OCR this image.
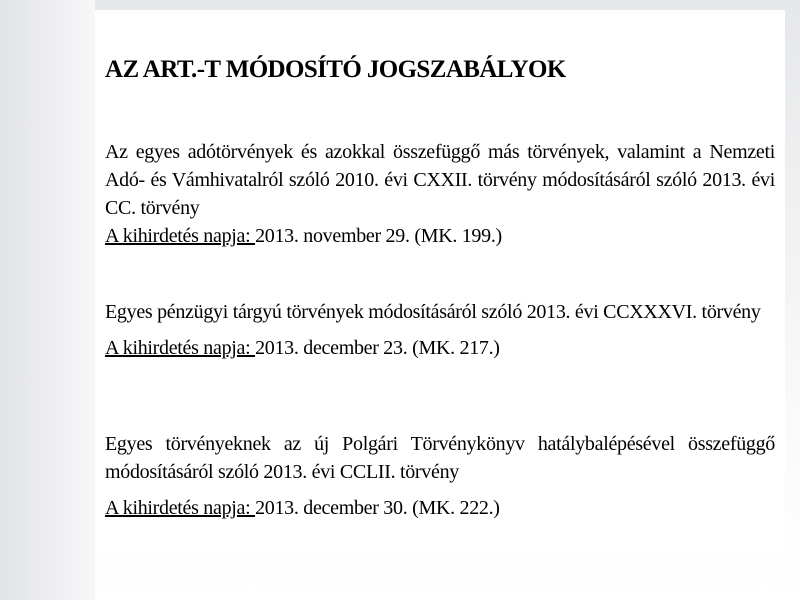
AZ ART.-T MÓDOSÍTÓ JOGSZABÁLYOK
Az egyes adótörvények és azokkal összefüggő más törvények, valamint a Nemzeti Adó- és Vámhivatalról szóló 2010. évi CXXII. törvény módosításáról szóló 2013. évi CC. törvény
A kihirdetés napja: 2013. november 29. (MK. 199.)
Egyes pénzügyi tárgyú törvények módosításáról szóló 2013. évi CCXXXVI. törvény
A kihirdetés napja: 2013. december 23. (MK. 217.)
Egyes törvényeknek az új Polgári Törvénykönyv hatálybalépésével összefüggő módosításáról szóló 2013. évi CCLII. törvény
A kihirdetés napja: 2013. december 30. (MK. 222.)
